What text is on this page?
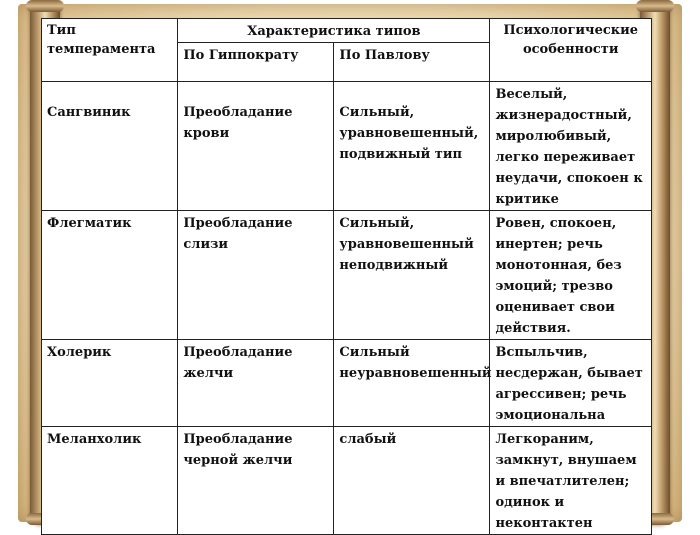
Тип темперамента	Характеристика типов		Психологические особенности
	По Гиппократу	По Павлову	
Сангвиник	Преобладание крови	Сильный, уравновешенный, подвижный тип	Веселый, жизнерадостный, миролюбивый, легко переживает неудачи, спокоен к критике
Флегматик	Преобладание слизи	Сильный, уравновешенный неподвижный	Ровен, спокоен, инертен; речь монотонная, без эмоций; трезво оценивает свои действия.
Холерик	Преобладание желчи	Сильный неуравновешенный	Вспыльчив, несдержан, бывает агрессивен; речь эмоциональна
Меланхолик	Преобладание черной желчи	слабый	Легкораним, замкнут, внушаем и впечатлителен; одинок и неконтактен
